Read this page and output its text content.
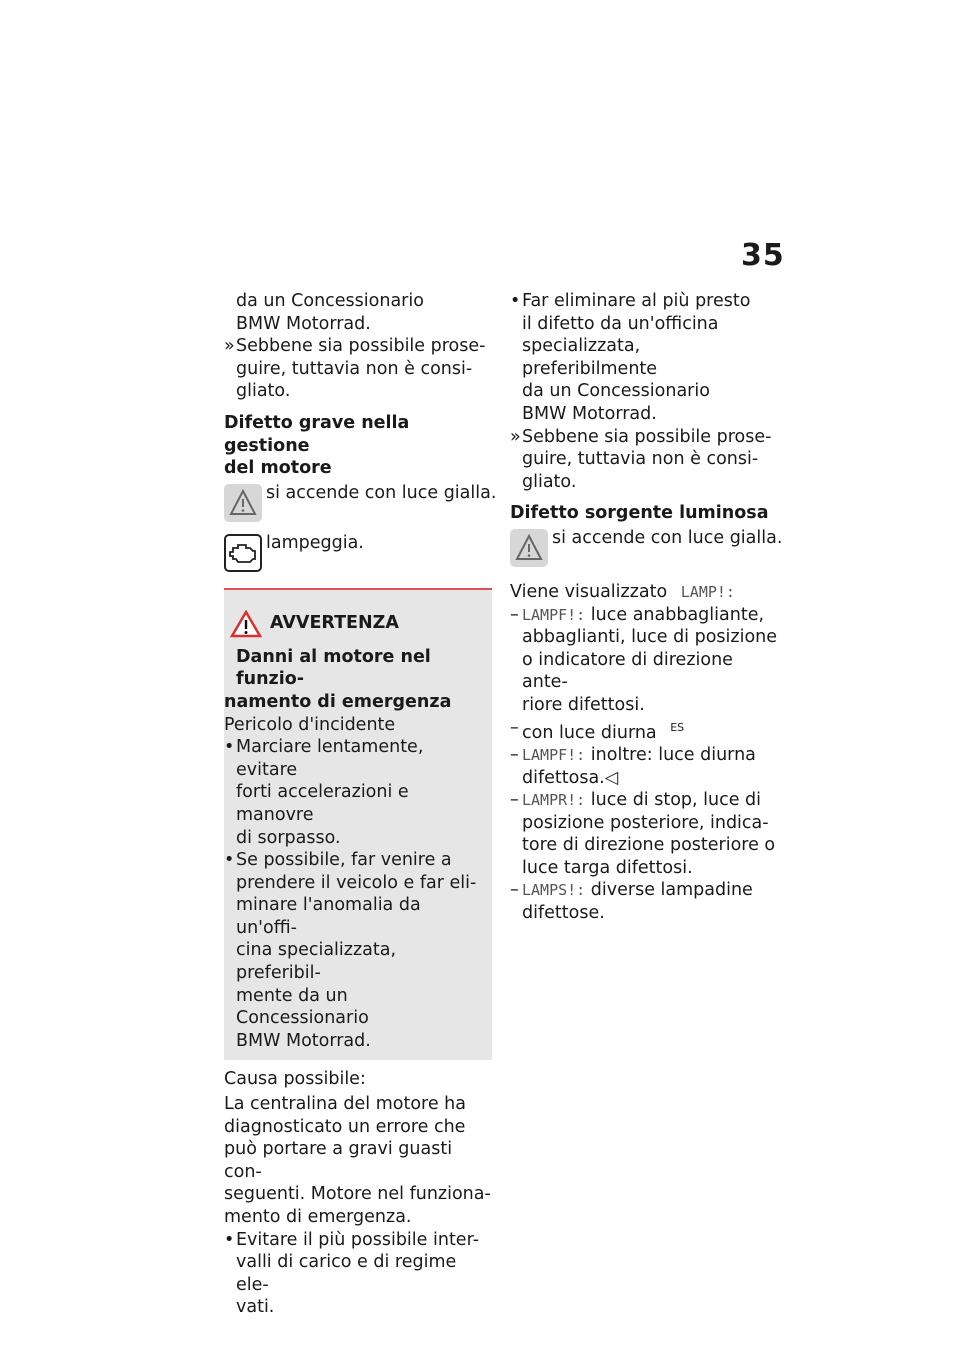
35
da un Concessionario
BMW Motorrad.
» Sebbene sia possibile prose-
guire, tuttavia non è consi-
gliato.
Difetto grave nella gestione
del motore
si accende con luce gialla.
lampeggia.
AVVERTENZA
Danni al motore nel funzio-
namento di emergenza
Pericolo d'incidente
• Marciare lentamente, evitare
forti accelerazioni e manovre
di sorpasso.
• Se possibile, far venire a
prendere il veicolo e far eli-
minare l'anomalia da un'offi-
cina specializzata, preferibil-
mente da un Concessionario
BMW Motorrad.
Causa possibile:
La centralina del motore ha
diagnosticato un errore che
può portare a gravi guasti con-
seguenti. Motore nel funziona-
mento di emergenza.
• Evitare il più possibile inter-
valli di carico e di regime ele-
vati.
• Far eliminare al più presto
il difetto da un'officina
specializzata, preferibilmente
da un Concessionario
BMW Motorrad.
» Sebbene sia possibile prose-
guire, tuttavia non è consi-
gliato.
Difetto sorgente luminosa
si accende con luce gialla.
Viene visualizzato LAMP!:
– LAMPF!: luce anabbagliante,
abbaglianti, luce di posizione
o indicatore di direzione ante-
riore difettosi.
– con luce diurna $^{ES}$
– LAMPF!: inoltre: luce diurna
difettosa.◁
– LAMPR!: luce di stop, luce di
posizione posteriore, indica-
tore di direzione posteriore o
luce targa difettosi.
– LAMPS!: diverse lampadine
difettose.
